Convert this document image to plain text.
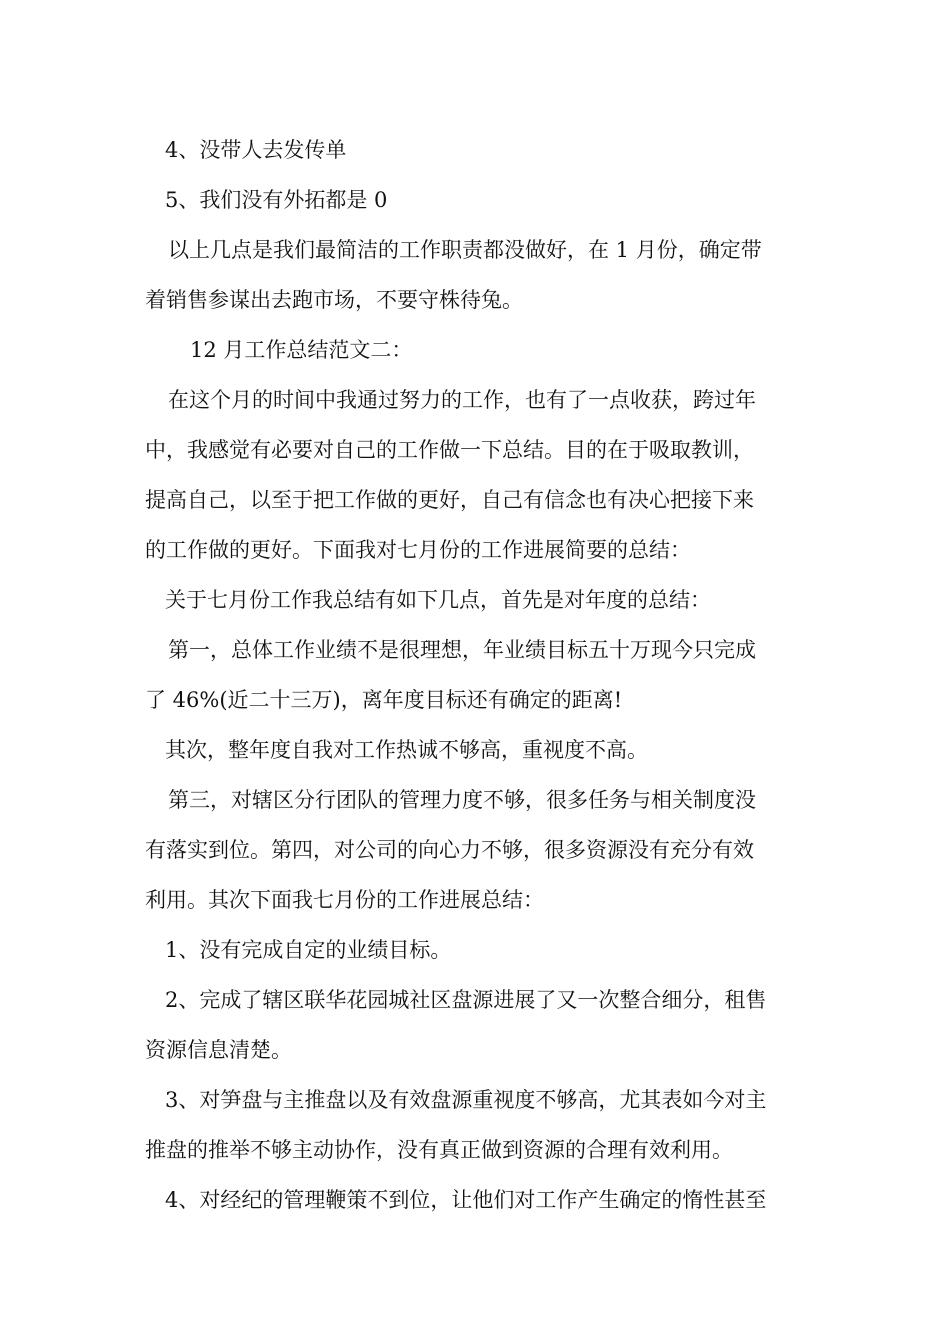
4、没带人去发传单
5、我们没有外拓都是 0
以上几点是我们最简洁的工作职责都没做好，在 1 月份，确定带
着销售参谋出去跑市场，不要守株待兔。
12 月工作总结范文二：
在这个月的时间中我通过努力的工作，也有了一点收获，跨过年
中，我感觉有必要对自己的工作做一下总结。目的在于吸取教训，
提高自己，以至于把工作做的更好，自己有信念也有决心把接下来
的工作做的更好。下面我对七月份的工作进展简要的总结：
关于七月份工作我总结有如下几点，首先是对年度的总结：
第一，总体工作业绩不是很理想，年业绩目标五十万现今只完成
了 46%(近二十三万)，离年度目标还有确定的距离!
其次，整年度自我对工作热诚不够高，重视度不高。
第三，对辖区分行团队的管理力度不够，很多任务与相关制度没
有落实到位。第四，对公司的向心力不够，很多资源没有充分有效
利用。其次下面我七月份的工作进展总结：
1、没有完成自定的业绩目标。
2、完成了辖区联华花园城社区盘源进展了又一次整合细分，租售
资源信息清楚。
3、对笋盘与主推盘以及有效盘源重视度不够高，尤其表如今对主
推盘的推举不够主动协作，没有真正做到资源的合理有效利用。
4、对经纪的管理鞭策不到位，让他们对工作产生确定的惰性甚至
